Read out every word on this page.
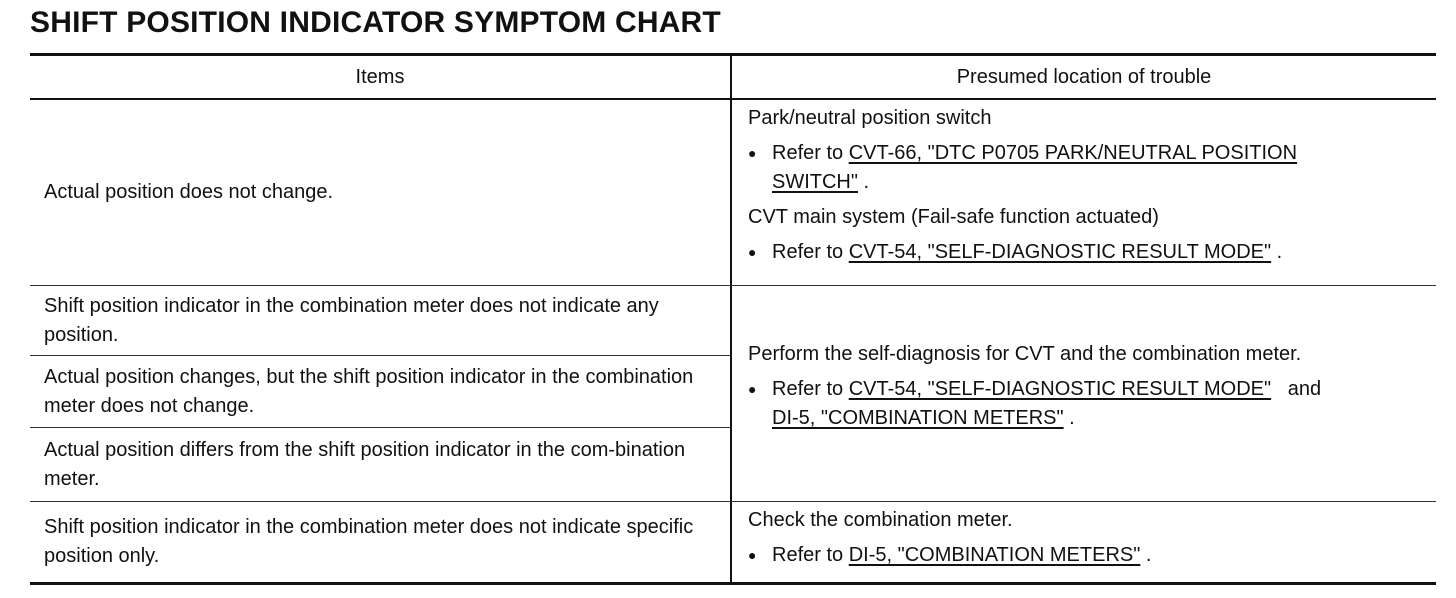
SHIFT POSITION INDICATOR SYMPTOM CHART
Items	Presumed location of trouble
Actual position does not change.
Park/neutral position switch
● Refer to CVT-66, "DTC P0705 PARK/NEUTRAL POSITION
SWITCH" .
CVT main system (Fail-safe function actuated)
● Refer to CVT-54, "SELF-DIAGNOSTIC RESULT MODE" .
Shift position indicator in the combination meter does not indicate any position.
Actual position changes, but the shift position indicator in the combination meter does not change.
Actual position differs from the shift position indicator in the com-bination meter.
Perform the self-diagnosis for CVT and the combination meter.
● Refer to CVT-54, "SELF-DIAGNOSTIC RESULT MODE"   and
DI-5, "COMBINATION METERS" .
Shift position indicator in the combination meter does not indicate specific position only.
Check the combination meter.
● Refer to DI-5, "COMBINATION METERS" .
